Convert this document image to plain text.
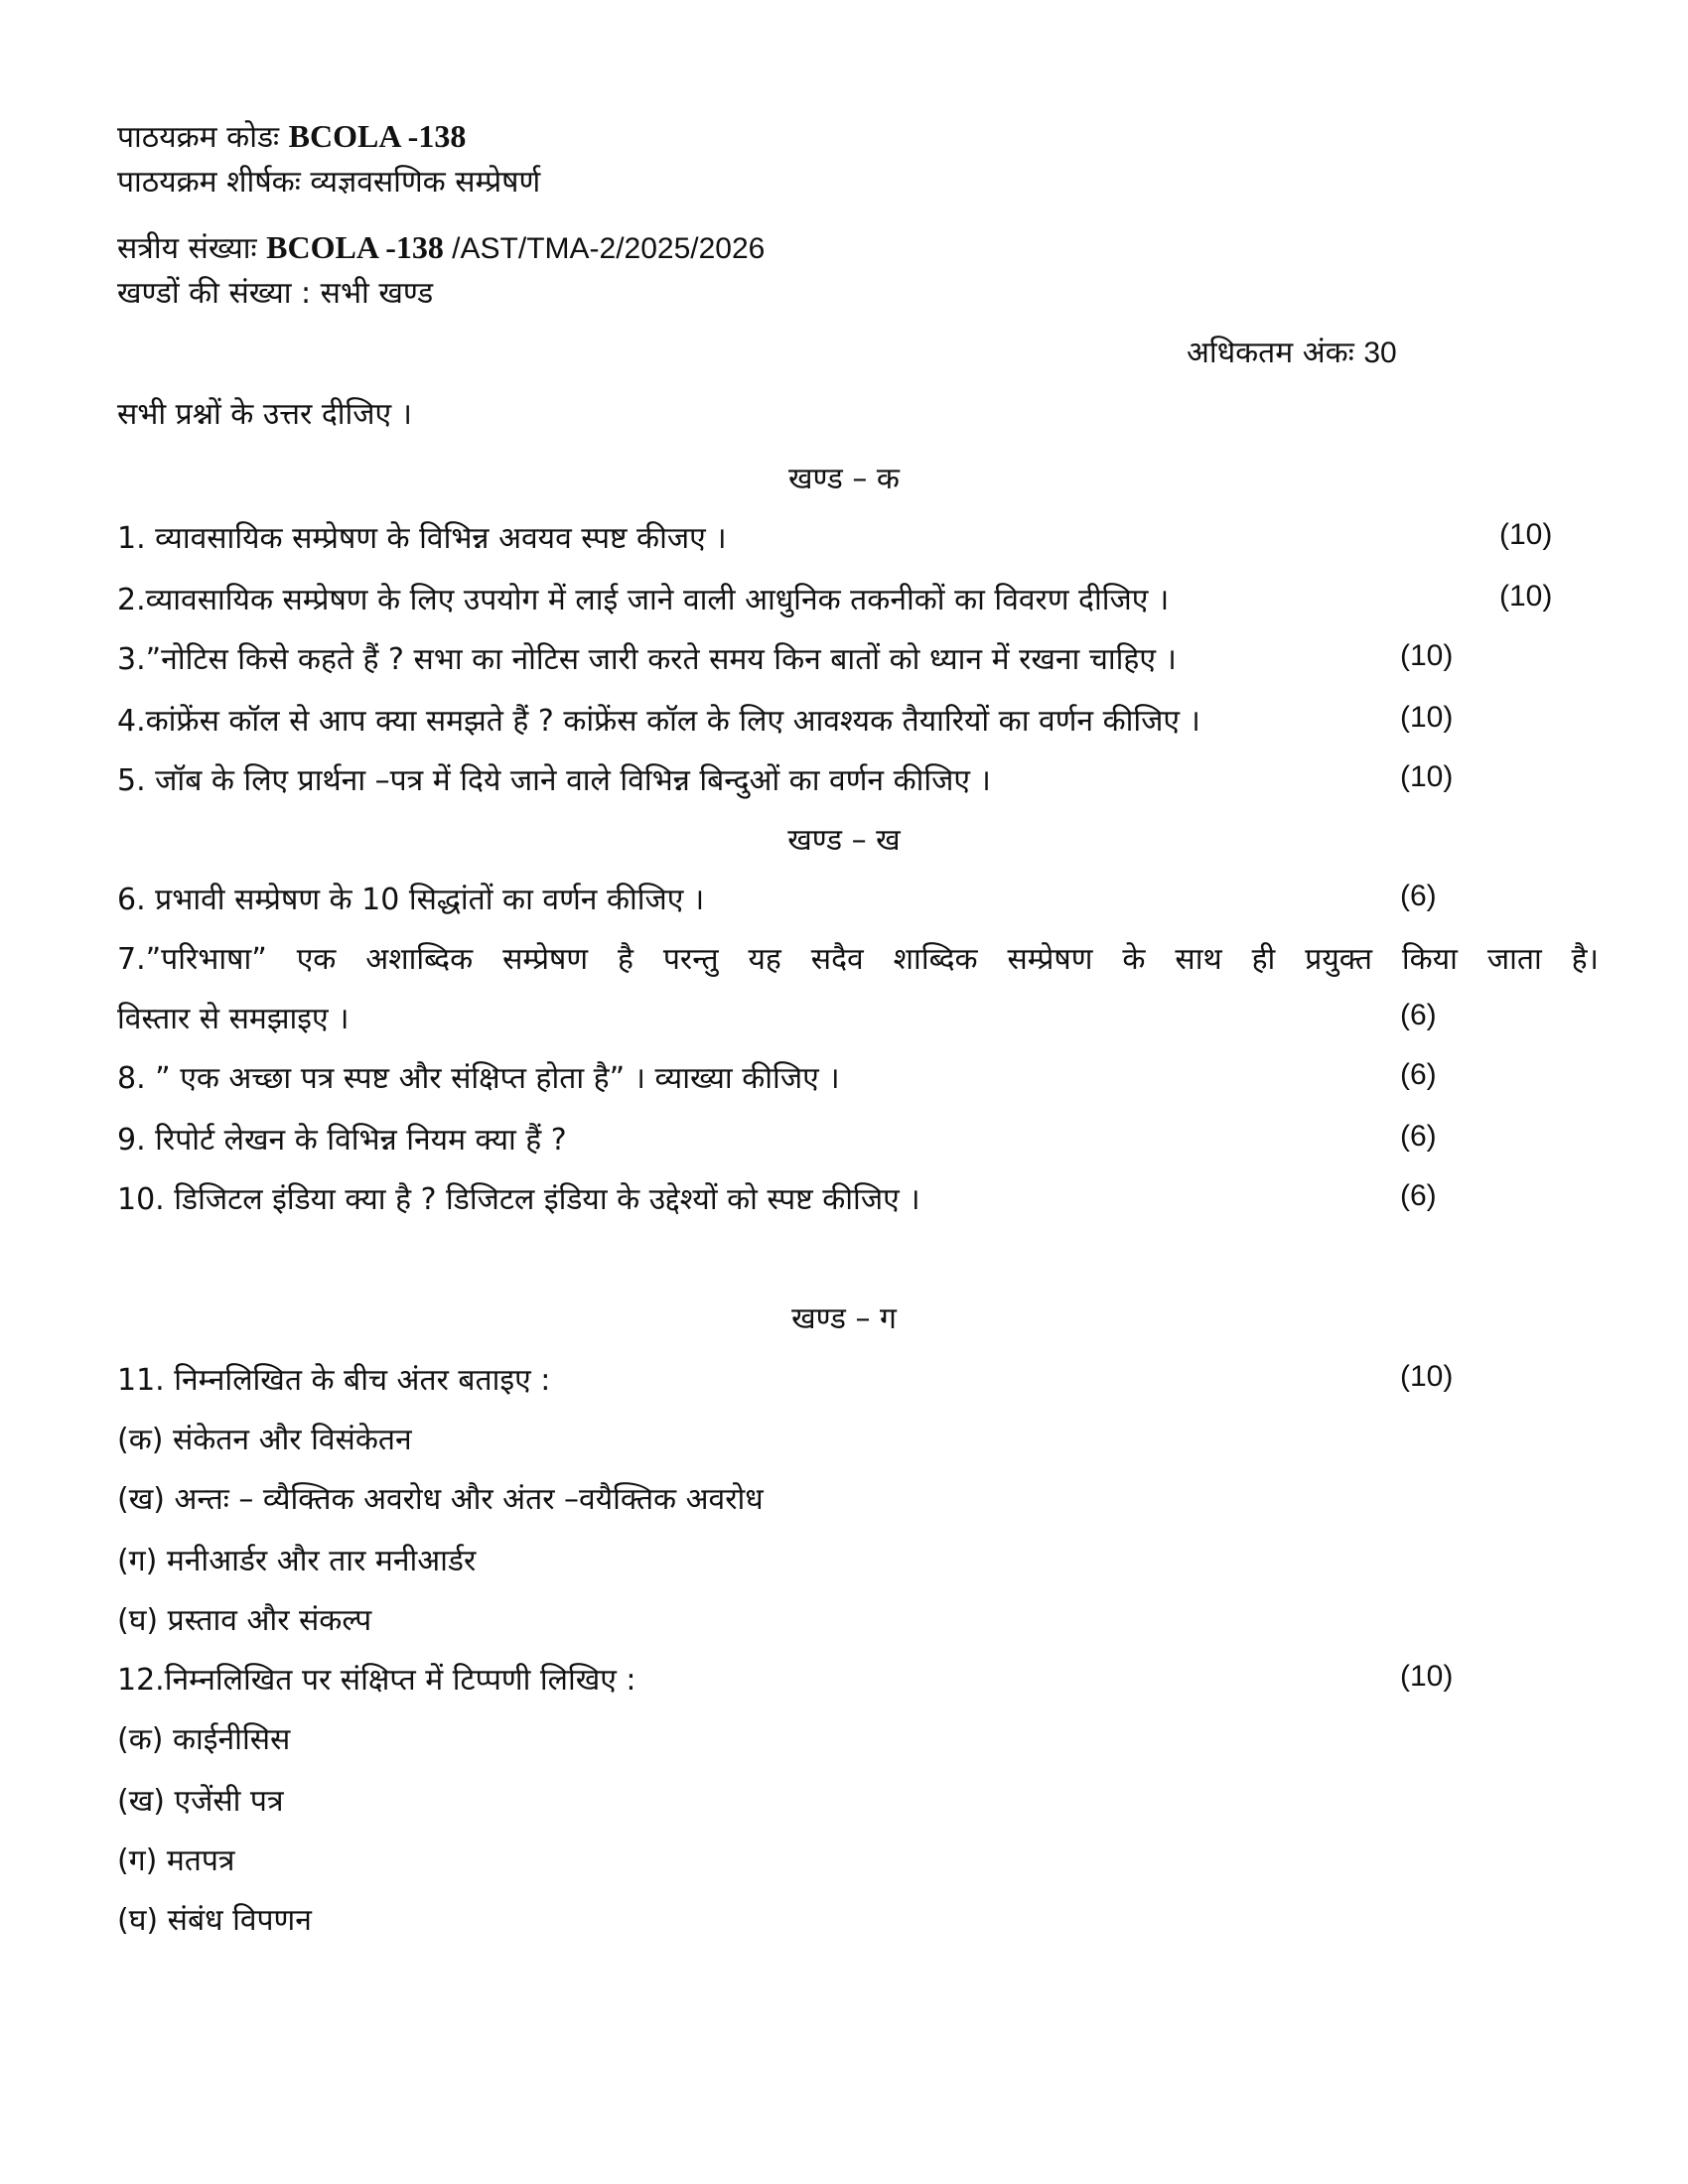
पाठयक्रम कोडः BCOLA -138
पाठयक्रम शीर्षकः व्यज्ञवसणिक सम्प्रेषर्ण
सत्रीय संख्याः BCOLA -138 /AST/TMA-2/2025/2026
खण्डों की संख्या : सभी खण्ड
अधिकतम अंकः 30
सभी प्रश्नों के उत्तर दीजिए ।
खण्ड – क
1. व्यावसायिक सम्प्रेषण के विभिन्न अवयव स्पष्ट कीजए ।	(10)
2.व्यावसायिक सम्प्रेषण के लिए उपयोग में लाई जाने वाली आधुनिक तकनीकों का विवरण दीजिए ।	(10)
3.”नोटिस किसे कहते हैं ? सभा का नोटिस जारी करते समय किन बातों को ध्यान में रखना चाहिए ।	(10)
4.कांफ्रेंस कॉल से आप क्या समझते हैं ? कांफ्रेंस कॉल के लिए आवश्यक तैयारियों का वर्णन कीजिए ।	(10)
5. जॉब के लिए प्रार्थना –पत्र में दिये जाने वाले विभिन्न बिन्दुओं का वर्णन कीजिए ।	(10)
खण्ड – ख
6. प्रभावी सम्प्रेषण के 10 सिद्धांतों का वर्णन कीजिए ।	(6)
7.”परिभाषा” एक अशाब्दिक सम्प्रेषण है परन्तु यह सदैव शाब्दिक सम्प्रेषण के साथ ही प्रयुक्त किया जाता है।
विस्तार से समझाइए ।	(6)
8. ” एक अच्छा पत्र स्पष्ट और संक्षिप्त होता है” । व्याख्या कीजिए ।	(6)
9. रिपोर्ट लेखन के विभिन्न नियम क्या हैं ?	(6)
10. डिजिटल इंडिया क्या है ? डिजिटल इंडिया के उद्देश्यों को स्पष्ट कीजिए ।	(6)
खण्ड – ग
11. निम्नलिखित के बीच अंतर बताइए :	(10)
(क) संकेतन और विसंकेतन
(ख) अन्तः – व्यैक्तिक अवरोध और अंतर –वयैक्तिक अवरोध
(ग) मनीआर्डर और तार मनीआर्डर
(घ) प्रस्ताव और संकल्प
12.निम्नलिखित पर संक्षिप्त में टिप्पणी लिखिए :	(10)
(क) काईनीसिस
(ख) एजेंसी पत्र
(ग) मतपत्र
(घ) संबंध विपणन
